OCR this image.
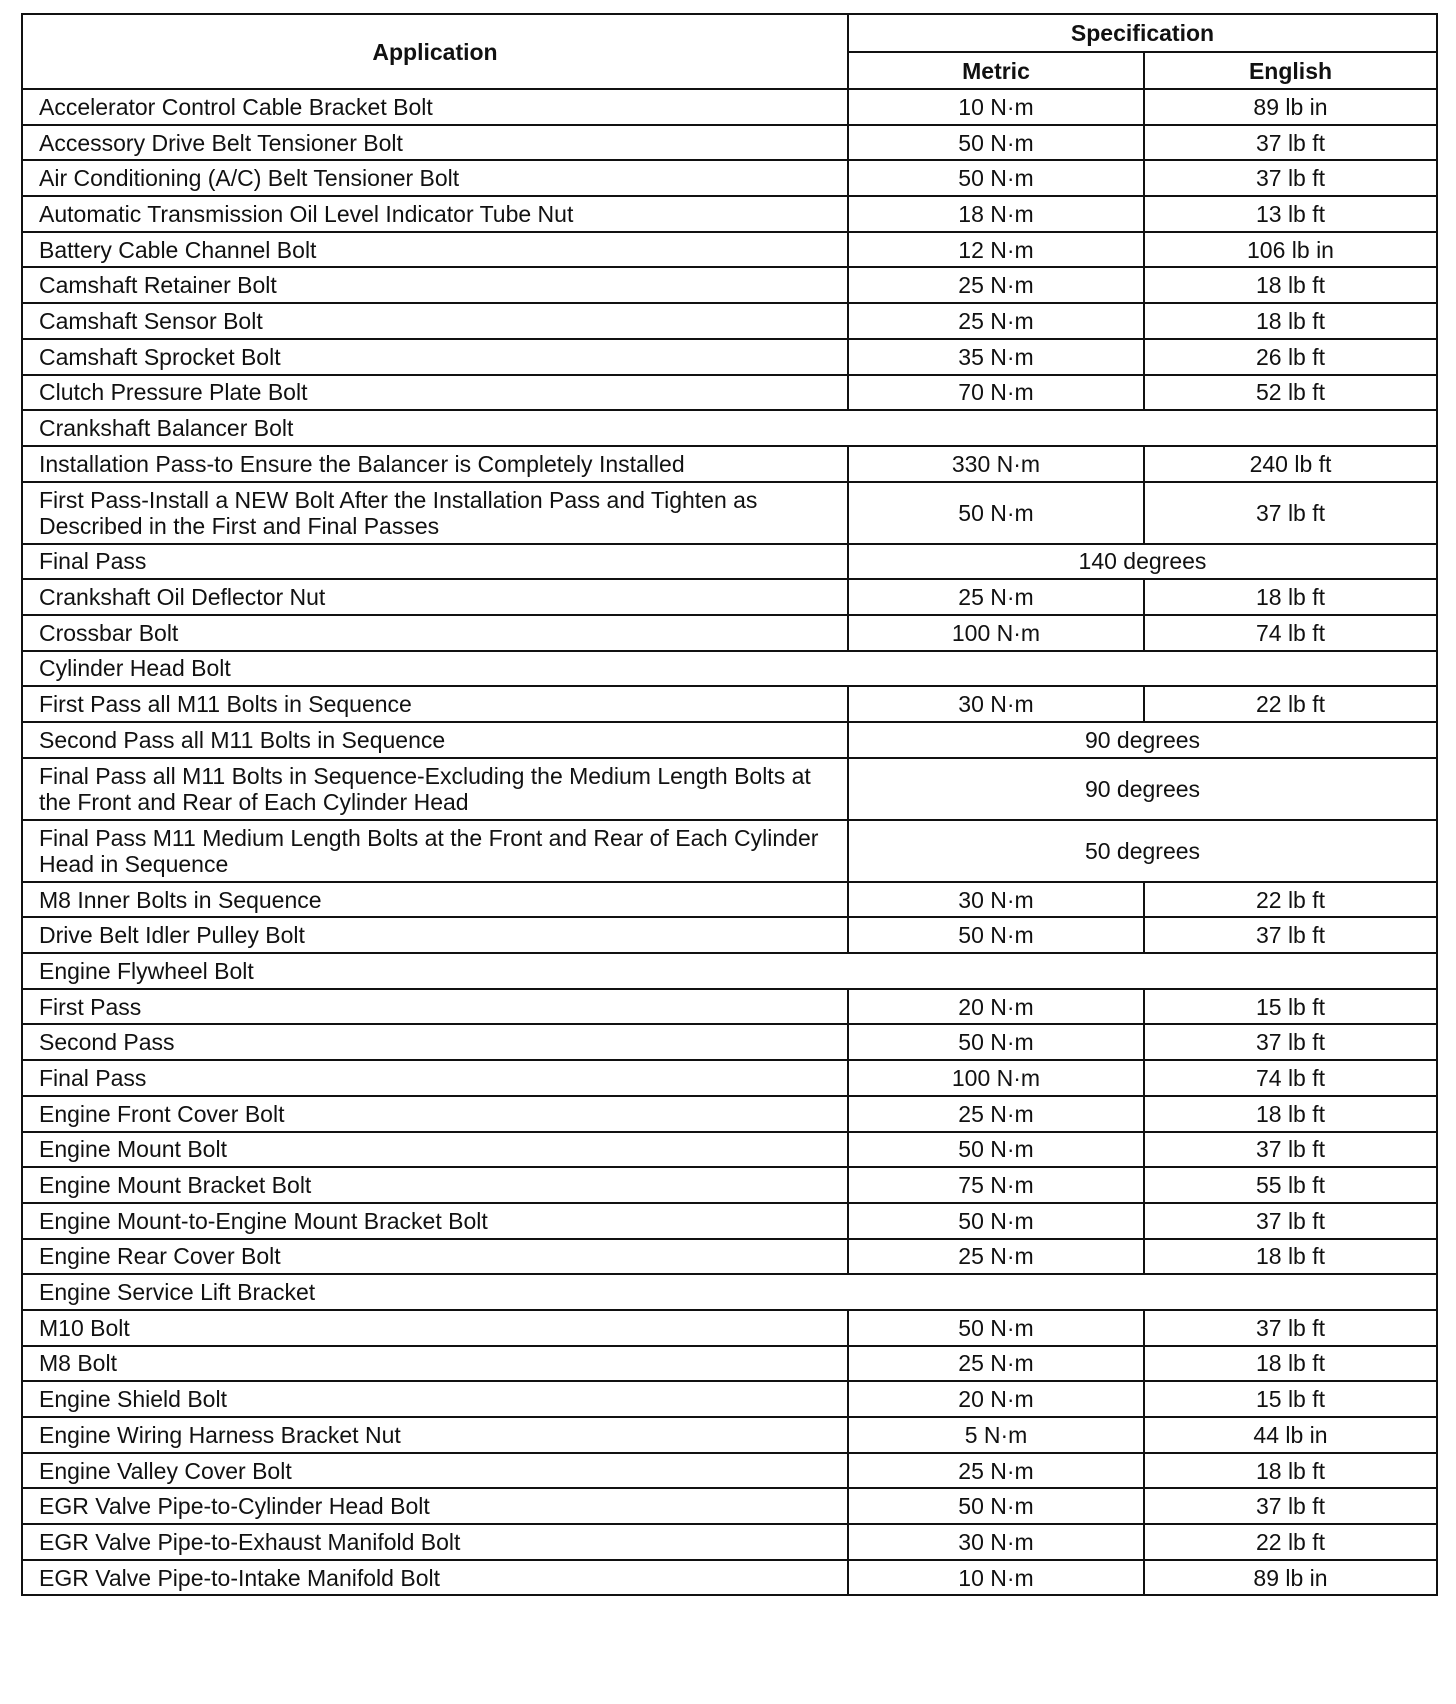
Application	Specification	
	Metric	English
Accelerator Control Cable Bracket Bolt	10 N·m	89 lb in
Accessory Drive Belt Tensioner Bolt	50 N·m	37 lb ft
Air Conditioning (A/C) Belt Tensioner Bolt	50 N·m	37 lb ft
Automatic Transmission Oil Level Indicator Tube Nut	18 N·m	13 lb ft
Battery Cable Channel Bolt	12 N·m	106 lb in
Camshaft Retainer Bolt	25 N·m	18 lb ft
Camshaft Sensor Bolt	25 N·m	18 lb ft
Camshaft Sprocket Bolt	35 N·m	26 lb ft
Clutch Pressure Plate Bolt	70 N·m	52 lb ft
Crankshaft Balancer Bolt		
Installation Pass-to Ensure the Balancer is Completely Installed	330 N·m	240 lb ft
First Pass-Install a NEW Bolt After the Installation Pass and Tighten as Described in the First and Final Passes	50 N·m	37 lb ft
Final Pass	140 degrees	
Crankshaft Oil Deflector Nut	25 N·m	18 lb ft
Crossbar Bolt	100 N·m	74 lb ft
Cylinder Head Bolt		
First Pass all M11 Bolts in Sequence	30 N·m	22 lb ft
Second Pass all M11 Bolts in Sequence	90 degrees	
Final Pass all M11 Bolts in Sequence-Excluding the Medium Length Bolts at the Front and Rear of Each Cylinder Head	90 degrees	
Final Pass M11 Medium Length Bolts at the Front and Rear of Each Cylinder Head in Sequence	50 degrees	
M8 Inner Bolts in Sequence	30 N·m	22 lb ft
Drive Belt Idler Pulley Bolt	50 N·m	37 lb ft
Engine Flywheel Bolt		
First Pass	20 N·m	15 lb ft
Second Pass	50 N·m	37 lb ft
Final Pass	100 N·m	74 lb ft
Engine Front Cover Bolt	25 N·m	18 lb ft
Engine Mount Bolt	50 N·m	37 lb ft
Engine Mount Bracket Bolt	75 N·m	55 lb ft
Engine Mount-to-Engine Mount Bracket Bolt	50 N·m	37 lb ft
Engine Rear Cover Bolt	25 N·m	18 lb ft
Engine Service Lift Bracket		
M10 Bolt	50 N·m	37 lb ft
M8 Bolt	25 N·m	18 lb ft
Engine Shield Bolt	20 N·m	15 lb ft
Engine Wiring Harness Bracket Nut	5 N·m	44 lb in
Engine Valley Cover Bolt	25 N·m	18 lb ft
EGR Valve Pipe-to-Cylinder Head Bolt	50 N·m	37 lb ft
EGR Valve Pipe-to-Exhaust Manifold Bolt	30 N·m	22 lb ft
EGR Valve Pipe-to-Intake Manifold Bolt	10 N·m	89 lb in
